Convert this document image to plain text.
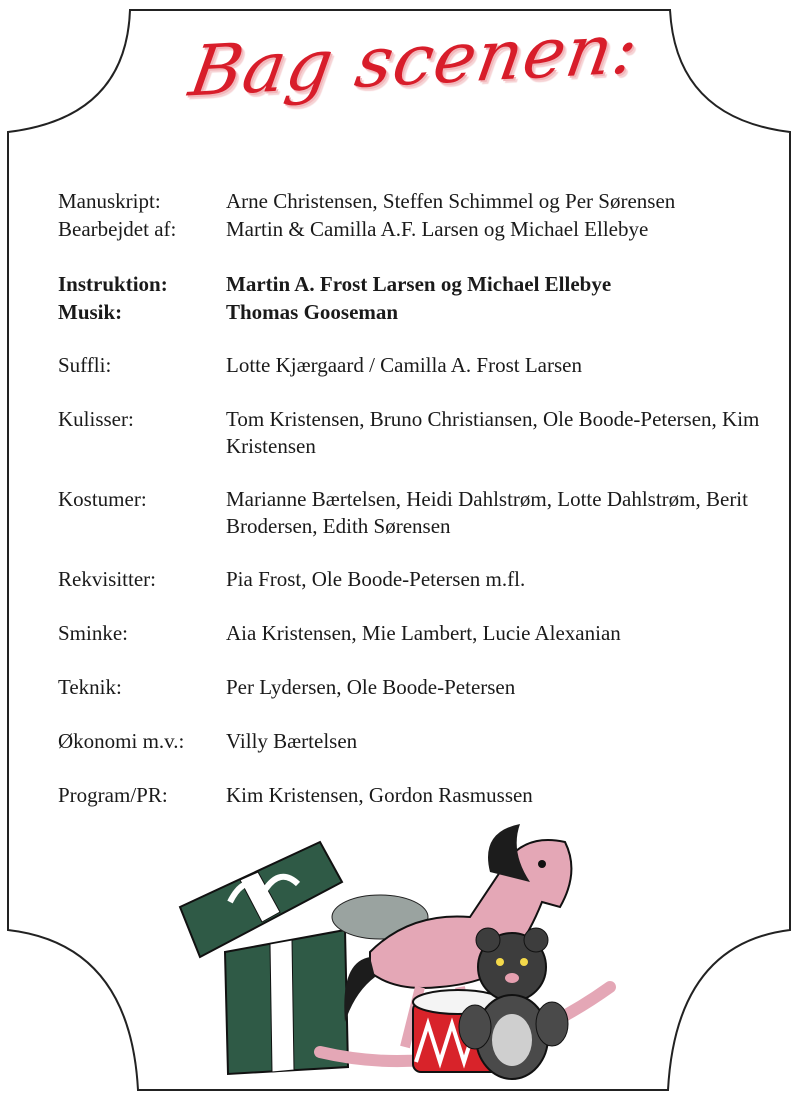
Bag scenen:
Manuskript:	Arne Christensen, Steffen Schimmel og Per Sørensen
Bearbejdet af:	Martin & Camilla A.F. Larsen og Michael Ellebye
Instruktion:	Martin A. Frost Larsen og Michael Ellebye
Musik:	Thomas Gooseman
Suffli:	Lotte Kjærgaard / Camilla A. Frost Larsen
Kulisser:	Tom Kristensen, Bruno Christiansen, Ole Boode-Petersen, Kim Kristensen
Kostumer:	Marianne Bærtelsen, Heidi Dahlstrøm, Lotte Dahlstrøm, Berit Brodersen, Edith Sørensen
Rekvisitter:	Pia Frost, Ole Boode-Petersen m.fl.
Sminke:	Aia Kristensen, Mie Lambert, Lucie Alexanian
Teknik:	Per Lydersen, Ole Boode-Petersen
Økonomi m.v.:	Villy Bærtelsen
Program/PR:	Kim Kristensen, Gordon Rasmussen
